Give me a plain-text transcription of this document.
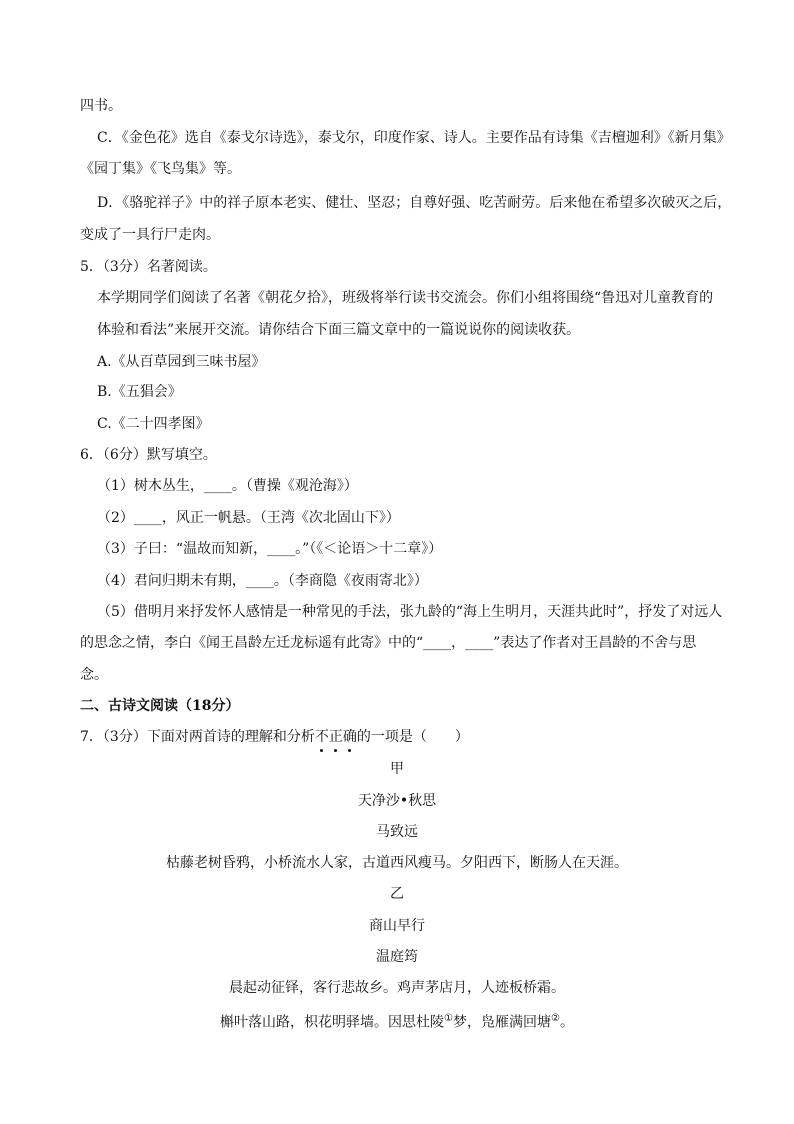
四书。
C．《金色花》选自《泰戈尔诗选》，泰戈尔，印度作家、诗人。主要作品有诗集《吉檀迦利》《新月集》
《园丁集》《飞鸟集》等。
D．《骆驼祥子》中的祥子原本老实、健壮、坚忍；自尊好强、吃苦耐劳。后来他在希望多次破灭之后，
变成了一具行尸走肉。
5．（3分）名著阅读。
本学期同学们阅读了名著《朝花夕拾》，班级将举行读书交流会。你们小组将围绕“鲁迅对儿童教育的
体验和看法”来展开交流。请你结合下面三篇文章中的一篇说说你的阅读收获。
A.《从百草园到三味书屋》
B.《五猖会》
C.《二十四孝图》
6．（6分）默写填空。
（1）树木丛生，____。（曹操《观沧海》）
（2）____，风正一帆悬。（王湾《次北固山下》）
（3）子曰：“温故而知新，____。”（《＜论语＞十二章》）
（4）君问归期未有期，____。（李商隐《夜雨寄北》）
（5）借明月来抒发怀人感情是一种常见的手法，张九龄的“海上生明月，天涯共此时”，抒发了对远人
的思念之情，李白《闻王昌龄左迁龙标遥有此寄》中的“____，____”表达了作者对王昌龄的不舍与思
念。
二、古诗文阅读（18分）
7．（3分）下面对两首诗的理解和分析不正确的一项是（　　）
甲
天净沙•秋思
马致远
枯藤老树昏鸦，小桥流水人家，古道西风瘦马。夕阳西下，断肠人在天涯。
乙
商山早行
温庭筠
晨起动征铎，客行悲故乡。鸡声茅店月，人迹板桥霜。
槲叶落山路，枳花明驿墙。因思杜陵①梦，凫雁满回塘②。
